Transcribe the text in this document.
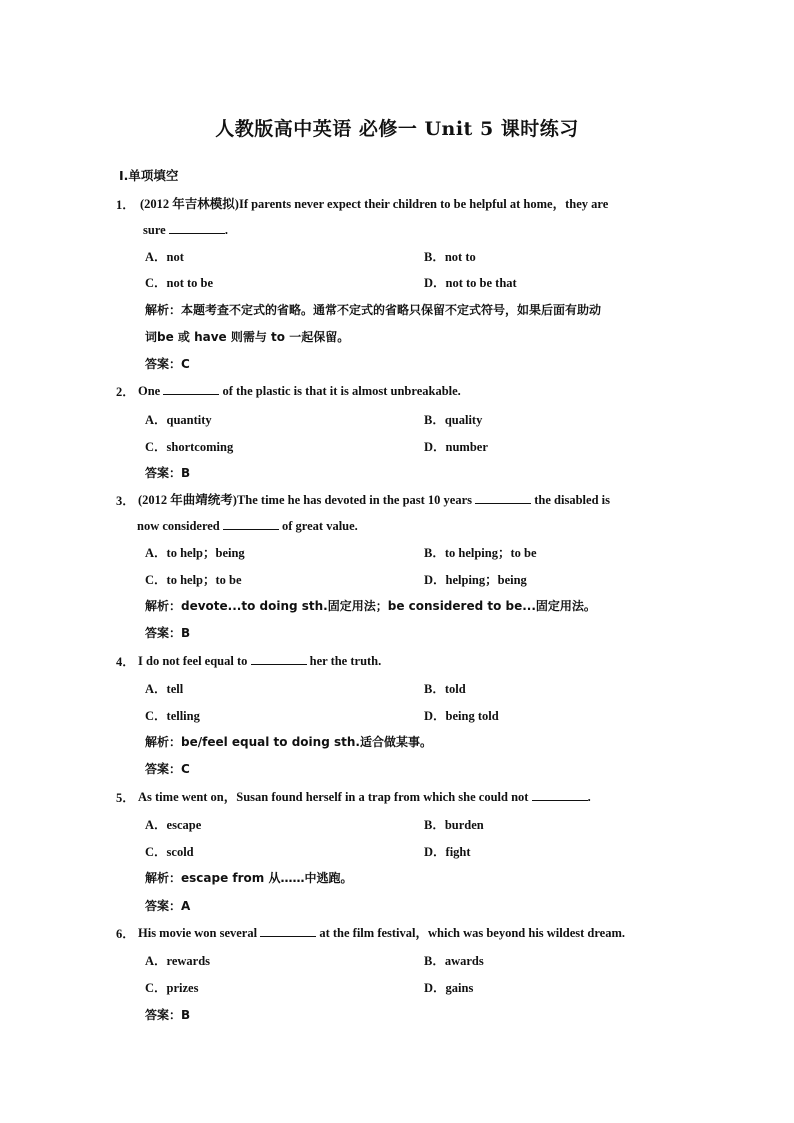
人教版高中英语 必修一 Unit 5 课时练习
Ⅰ.单项填空
1． (2012 年吉林模拟)If parents never expect their children to be helpful at home，they are
sure	.
A．not	B．not to
C．not to be	D．not to be that
解析：本题考查不定式的省略。通常不定式的省略只保留不定式符号，如果后面有助动
词be 或 have 则需与 to 一起保留。
答案：C
2． One	of the plastic is that it is almost unbreakable.
A．quantity	B．quality
C．shortcoming	D．number
答案：B
3． (2012 年曲靖统考)The time he has devoted in the past 10 years	the disabled is
now considered	of great value.
A．to help；being	B．to helping；to be
C．to help；to be	D．helping；being
解析：devote...to doing sth.固定用法；be considered to be...固定用法。
答案：B
4． I do not feel equal to	her the truth.
A．tell	B．told
C．telling	D．being told
解析：be/feel equal to doing sth.适合做某事。
答案：C
5． As time went on，Susan found herself in a trap from which she could not	.
A．escape	B．burden
C．scold	D．fight
解析：escape from 从……中逃跑。
答案：A
6． His movie won several	at the film festival，which was beyond his wildest dream.
A．rewards	B．awards
C．prizes	D．gains
答案：B
